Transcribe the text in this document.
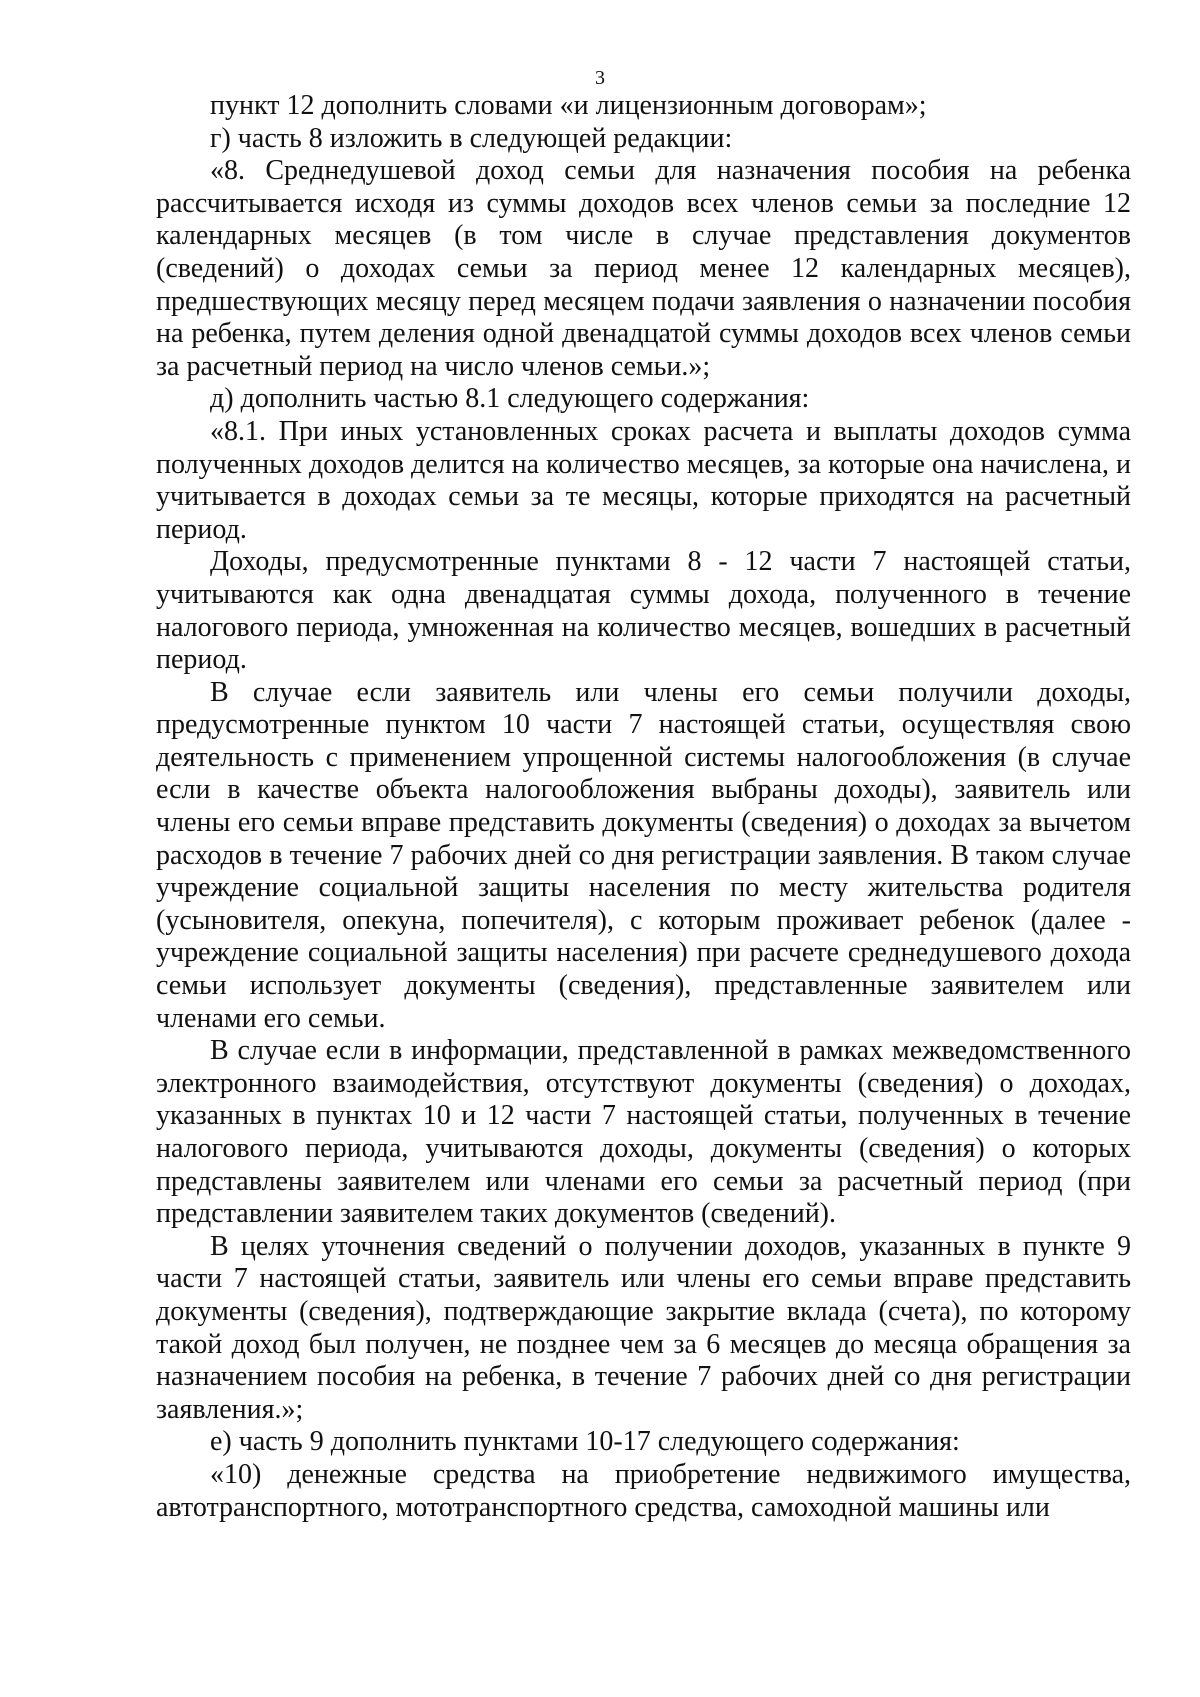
3

пункт 12 дополнить словами «и лицензионным договорам»;

г) часть 8 изложить в следующей редакции:

«8. Среднедушевой доход семьи для назначения пособия на ребенка рассчитывается исходя из суммы доходов всех членов семьи за последние 12 календарных месяцев (в том числе в случае представления документов (сведений) о доходах семьи за период менее 12 календарных месяцев), предшествующих месяцу перед месяцем подачи заявления о назначении пособия на ребенка, путем деления одной двенадцатой суммы доходов всех членов семьи за расчетный период на число членов семьи.»;

д) дополнить частью 8.1 следующего содержания:

«8.1. При иных установленных сроках расчета и выплаты доходов сумма полученных доходов делится на количество месяцев, за которые она начислена, и учитывается в доходах семьи за те месяцы, которые приходятся на расчетный период.

Доходы, предусмотренные пунктами 8 - 12 части 7 настоящей статьи, учитываются как одна двенадцатая суммы дохода, полученного в течение налогового периода, умноженная на количество месяцев, вошедших в расчетный период.

В случае если заявитель или члены его семьи получили доходы, предусмотренные пунктом 10 части 7 настоящей статьи, осуществляя свою деятельность с применением упрощенной системы налогообложения (в случае если в качестве объекта налогообложения выбраны доходы), заявитель или члены его семьи вправе представить документы (сведения) о доходах за вычетом расходов в течение 7 рабочих дней со дня регистрации заявления. В таком случае учреждение социальной защиты населения по месту жительства родителя (усыновителя, опекуна, попечителя), с которым проживает ребенок (далее - учреждение социальной защиты населения) при расчете среднедушевого дохода семьи использует документы (сведения), представленные заявителем или членами его семьи.

В случае если в информации, представленной в рамках межведомственного электронного взаимодействия, отсутствуют документы (сведения) о доходах, указанных в пунктах 10 и 12 части 7 настоящей статьи, полученных в течение налогового периода, учитываются доходы, документы (сведения) о которых представлены заявителем или членами его семьи за расчетный период (при представлении заявителем таких документов (сведений).

В целях уточнения сведений о получении доходов, указанных в пункте 9 части 7 настоящей статьи, заявитель или члены его семьи вправе представить документы (сведения), подтверждающие закрытие вклада (счета), по которому такой доход был получен, не позднее чем за 6 месяцев до месяца обращения за назначением пособия на ребенка, в течение 7 рабочих дней со дня регистрации заявления.»;

е) часть 9 дополнить пунктами 10-17 следующего содержания:

«10) денежные средства на приобретение недвижимого имущества, автотранспортного, мототранспортного средства, самоходной машины или
